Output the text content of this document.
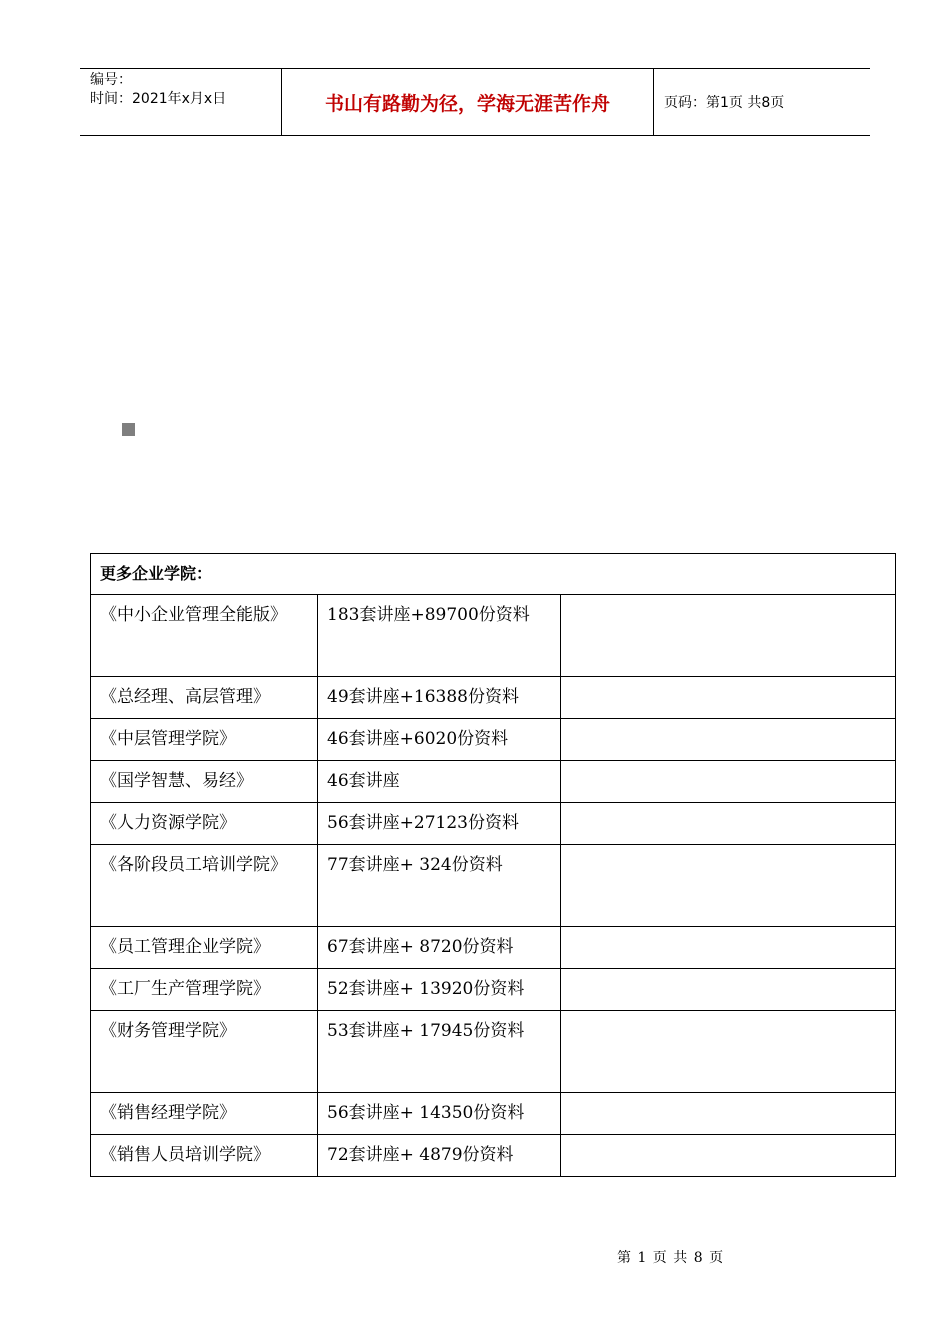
编号：
时间：2021年x月x日	书山有路勤为径，学海无涯苦作舟	页码：第1页 共8页
更多企业学院：		
《中小企业管理全能版》	183套讲座+89700份资料	
《总经理、高层管理》	49套讲座+16388份资料	
《中层管理学院》	46套讲座+6020份资料	
《国学智慧、易经》	46套讲座	
《人力资源学院》	56套讲座+27123份资料	
《各阶段员工培训学院》	77套讲座+ 324份资料	
《员工管理企业学院》	67套讲座+ 8720份资料	
《工厂生产管理学院》	52套讲座+ 13920份资料	
《财务管理学院》	53套讲座+ 17945份资料	
《销售经理学院》	56套讲座+ 14350份资料	
《销售人员培训学院》	72套讲座+ 4879份资料	
第 1 页 共 8 页
